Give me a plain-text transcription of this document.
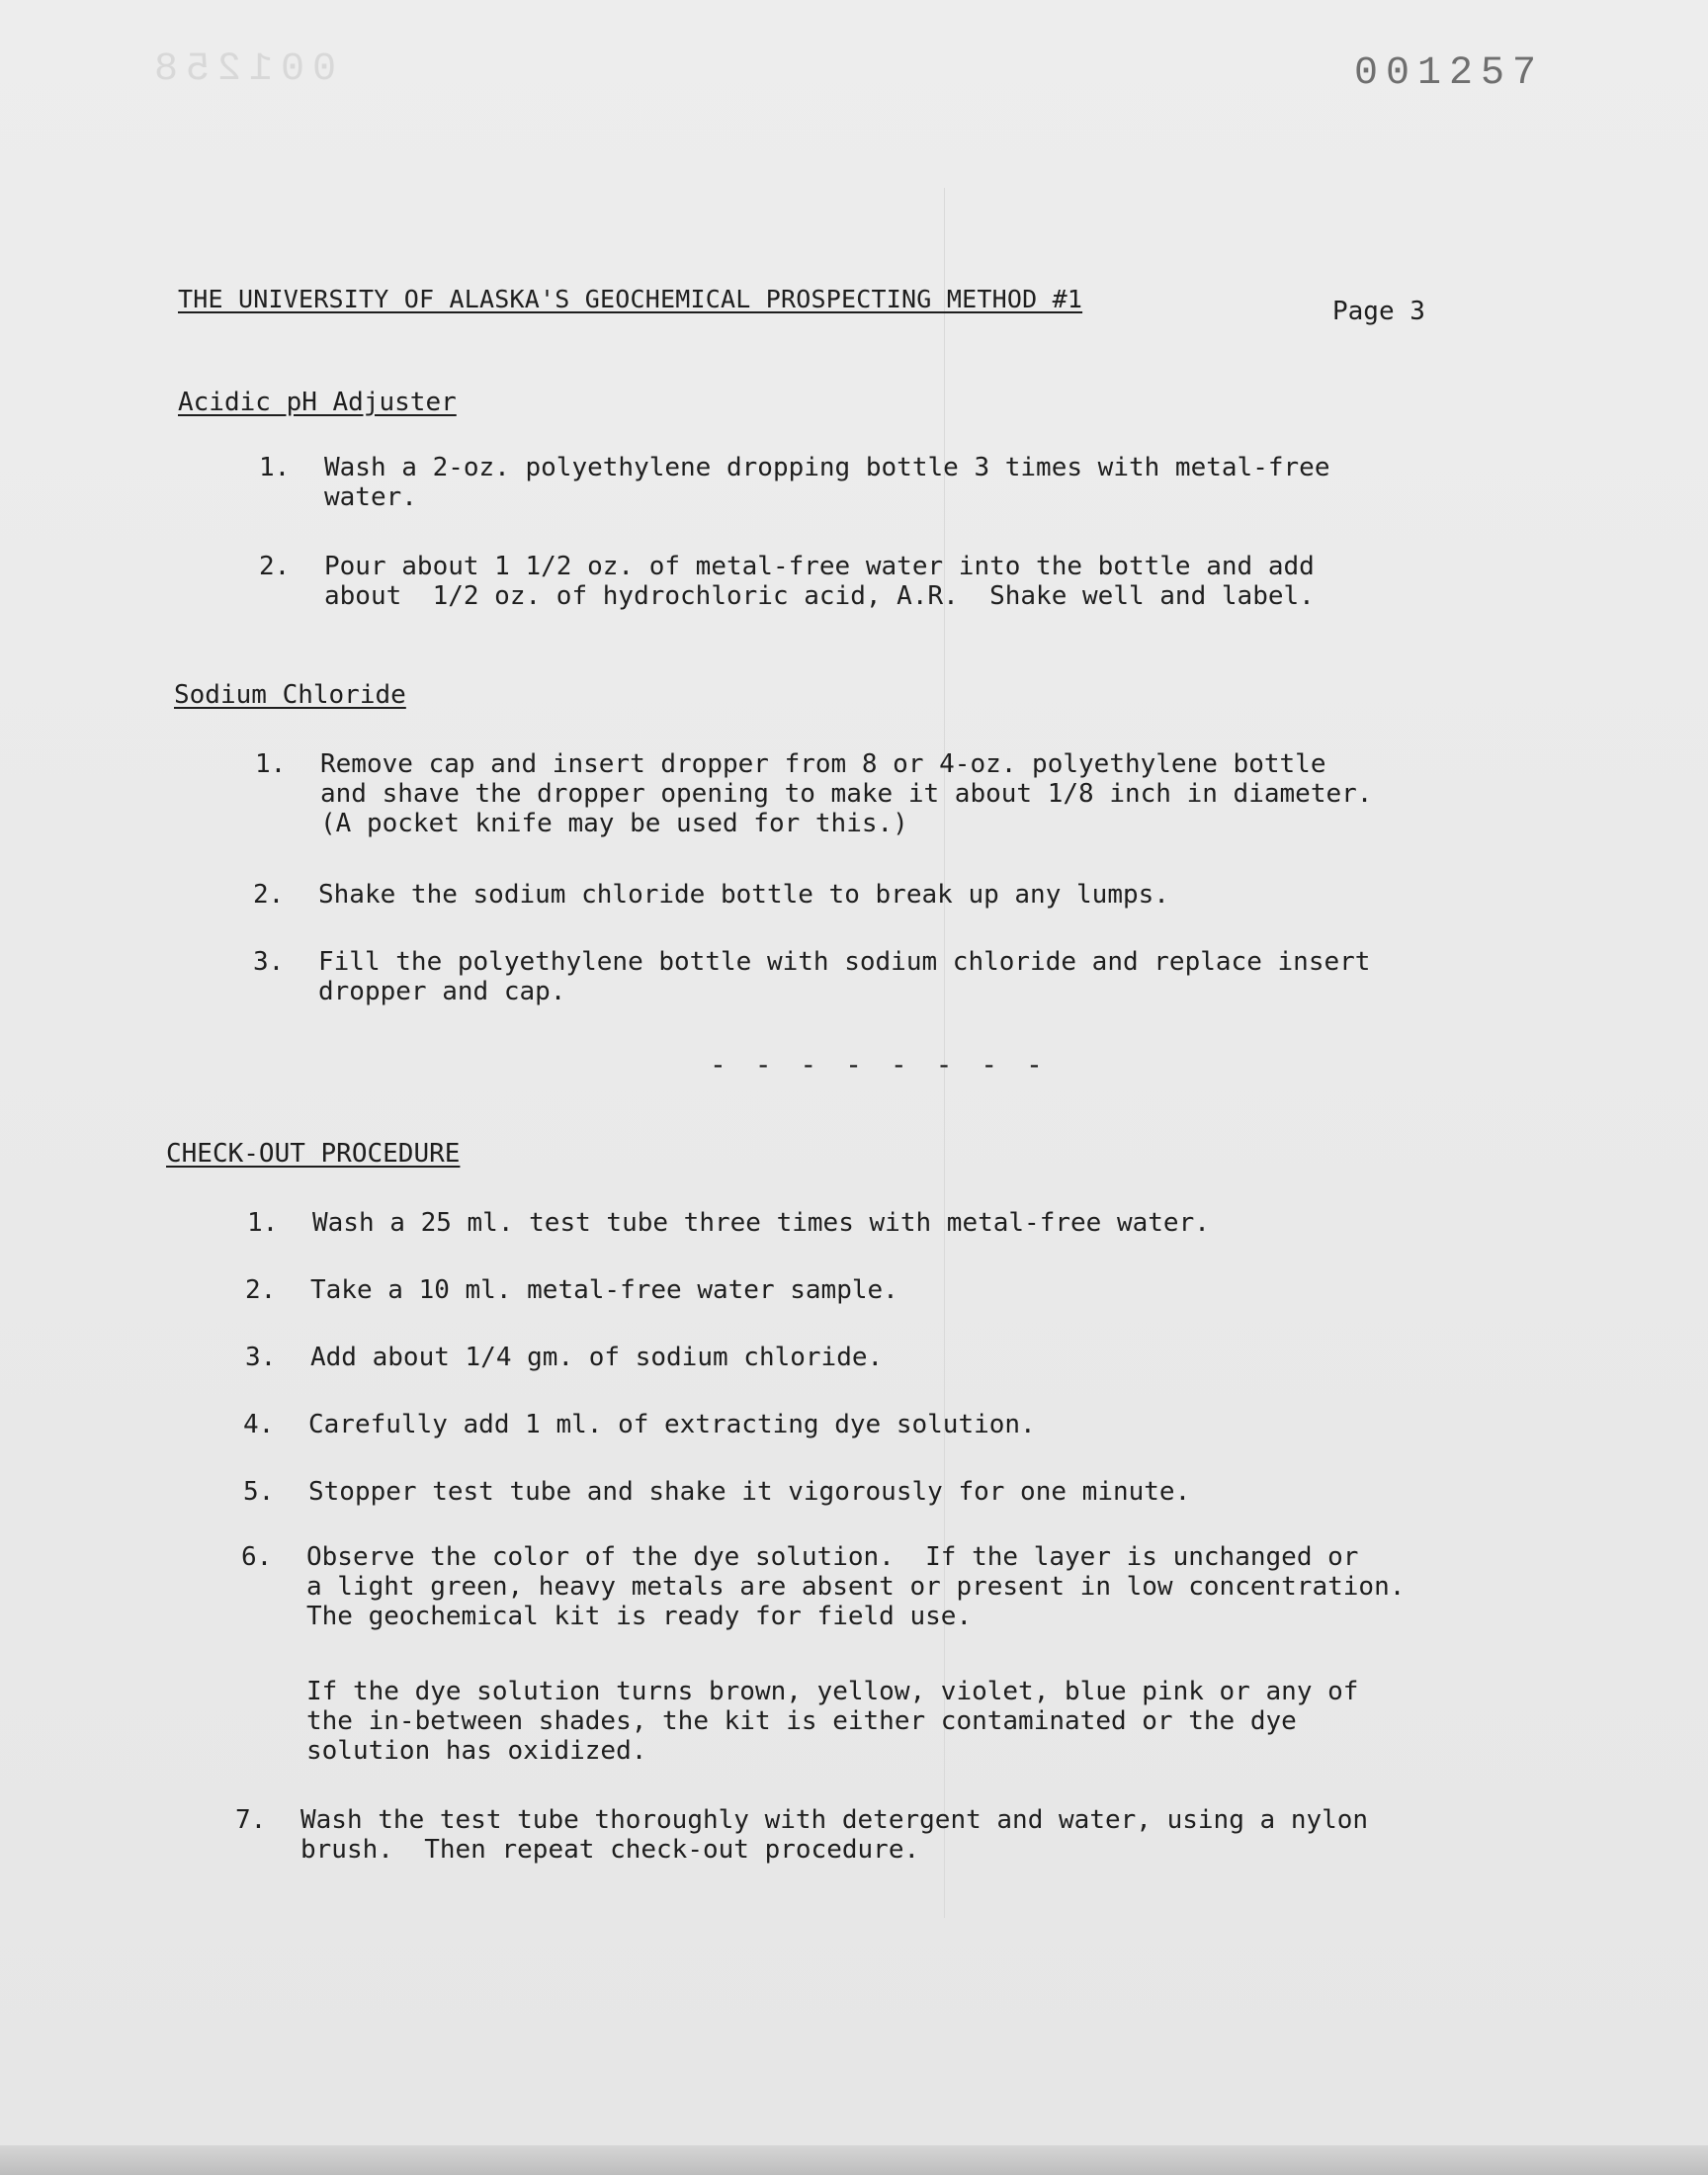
001258	001257
THE UNIVERSITY OF ALASKA'S GEOCHEMICAL PROSPECTING METHOD #1	Page 3
Acidic pH Adjuster
1. Wash a 2-oz. polyethylene dropping bottle 3 times with metal-free
water.
2. Pour about 1 1/2 oz. of metal-free water into the bottle and add
about  1/2 oz. of hydrochloric acid, A.R.  Shake well and label.
Sodium Chloride
1. Remove cap and insert dropper from 8 or 4-oz. polyethylene bottle
and shave the dropper opening to make it about 1/8 inch in diameter.
(A pocket knife may be used for this.)
2. Shake the sodium chloride bottle to break up any lumps.
3. Fill the polyethylene bottle with sodium chloride and replace insert
dropper and cap.
- - - - - - - -
CHECK-OUT PROCEDURE
1. Wash a 25 ml. test tube three times with metal-free water.
2. Take a 10 ml. metal-free water sample.
3. Add about 1/4 gm. of sodium chloride.
4. Carefully add 1 ml. of extracting dye solution.
5. Stopper test tube and shake it vigorously for one minute.
6. Observe the color of the dye solution.  If the layer is unchanged or
a light green, heavy metals are absent or present in low concentration.
The geochemical kit is ready for field use.
If the dye solution turns brown, yellow, violet, blue pink or any of
the in-between shades, the kit is either contaminated or the dye
solution has oxidized.
7. Wash the test tube thoroughly with detergent and water, using a nylon
brush.  Then repeat check-out procedure.
